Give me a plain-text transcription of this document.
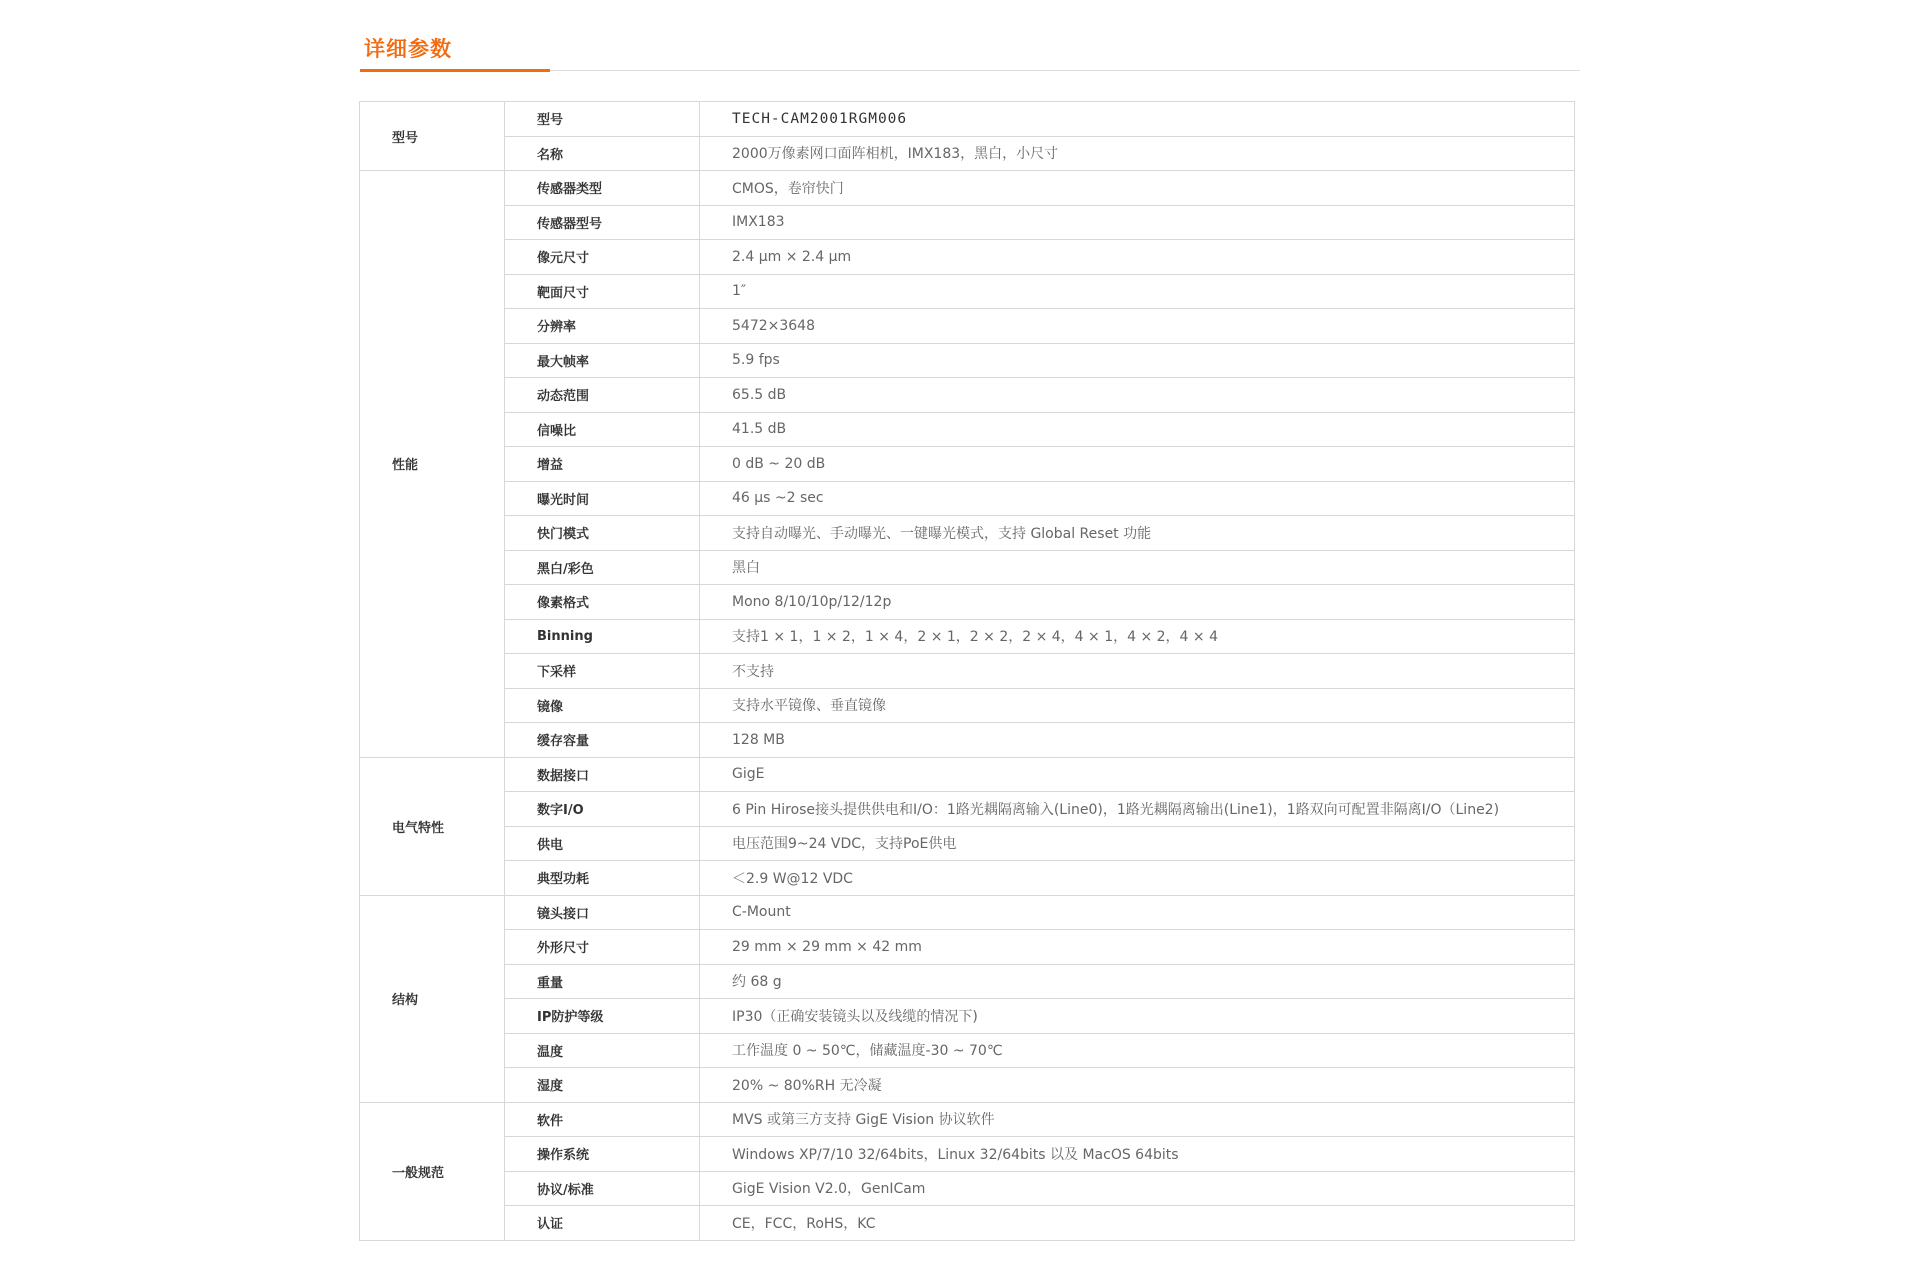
详细参数
型号	型号	TECH-CAM2001RGM006
	名称	2000万像素网口面阵相机，IMX183，黑白，小尺寸
性能	传感器类型	CMOS，卷帘快门
	传感器型号	IMX183
	像元尺寸	2.4 μm × 2.4 μm
	靶面尺寸	1″
	分辨率	5472×3648
	最大帧率	5.9 fps
	动态范围	65.5 dB
	信噪比	41.5 dB
	增益	0 dB ~ 20 dB
	曝光时间	46 μs ~2 sec
	快门模式	支持自动曝光、手动曝光、一键曝光模式，支持 Global Reset 功能
	黑白/彩色	黑白
	像素格式	Mono 8/10/10p/12/12p
	Binning	支持1 × 1，1 × 2，1 × 4，2 × 1，2 × 2，2 × 4，4 × 1，4 × 2，4 × 4
	下采样	不支持
	镜像	支持水平镜像、垂直镜像
	缓存容量	128 MB
电气特性	数据接口	GigE
	数字I/O	6 Pin Hirose接头提供供电和I/O：1路光耦隔离输入(Line0)，1路光耦隔离输出(Line1)，1路双向可配置非隔离I/O（Line2)
	供电	电压范围9~24 VDC，支持PoE供电
	典型功耗	＜2.9 W@12 VDC
结构	镜头接口	C-Mount
	外形尺寸	29 mm × 29 mm × 42 mm
	重量	约 68 g
	IP防护等级	IP30（正确安装镜头以及线缆的情况下)
	温度	工作温度 0 ~ 50℃，储藏温度-30 ~ 70℃
	湿度	20% ~ 80%RH 无冷凝
一般规范	软件	MVS 或第三方支持 GigE Vision 协议软件
	操作系统	Windows XP/7/10 32/64bits，Linux 32/64bits 以及 MacOS 64bits
	协议/标准	GigE Vision V2.0，GenICam
	认证	CE，FCC，RoHS，KC
